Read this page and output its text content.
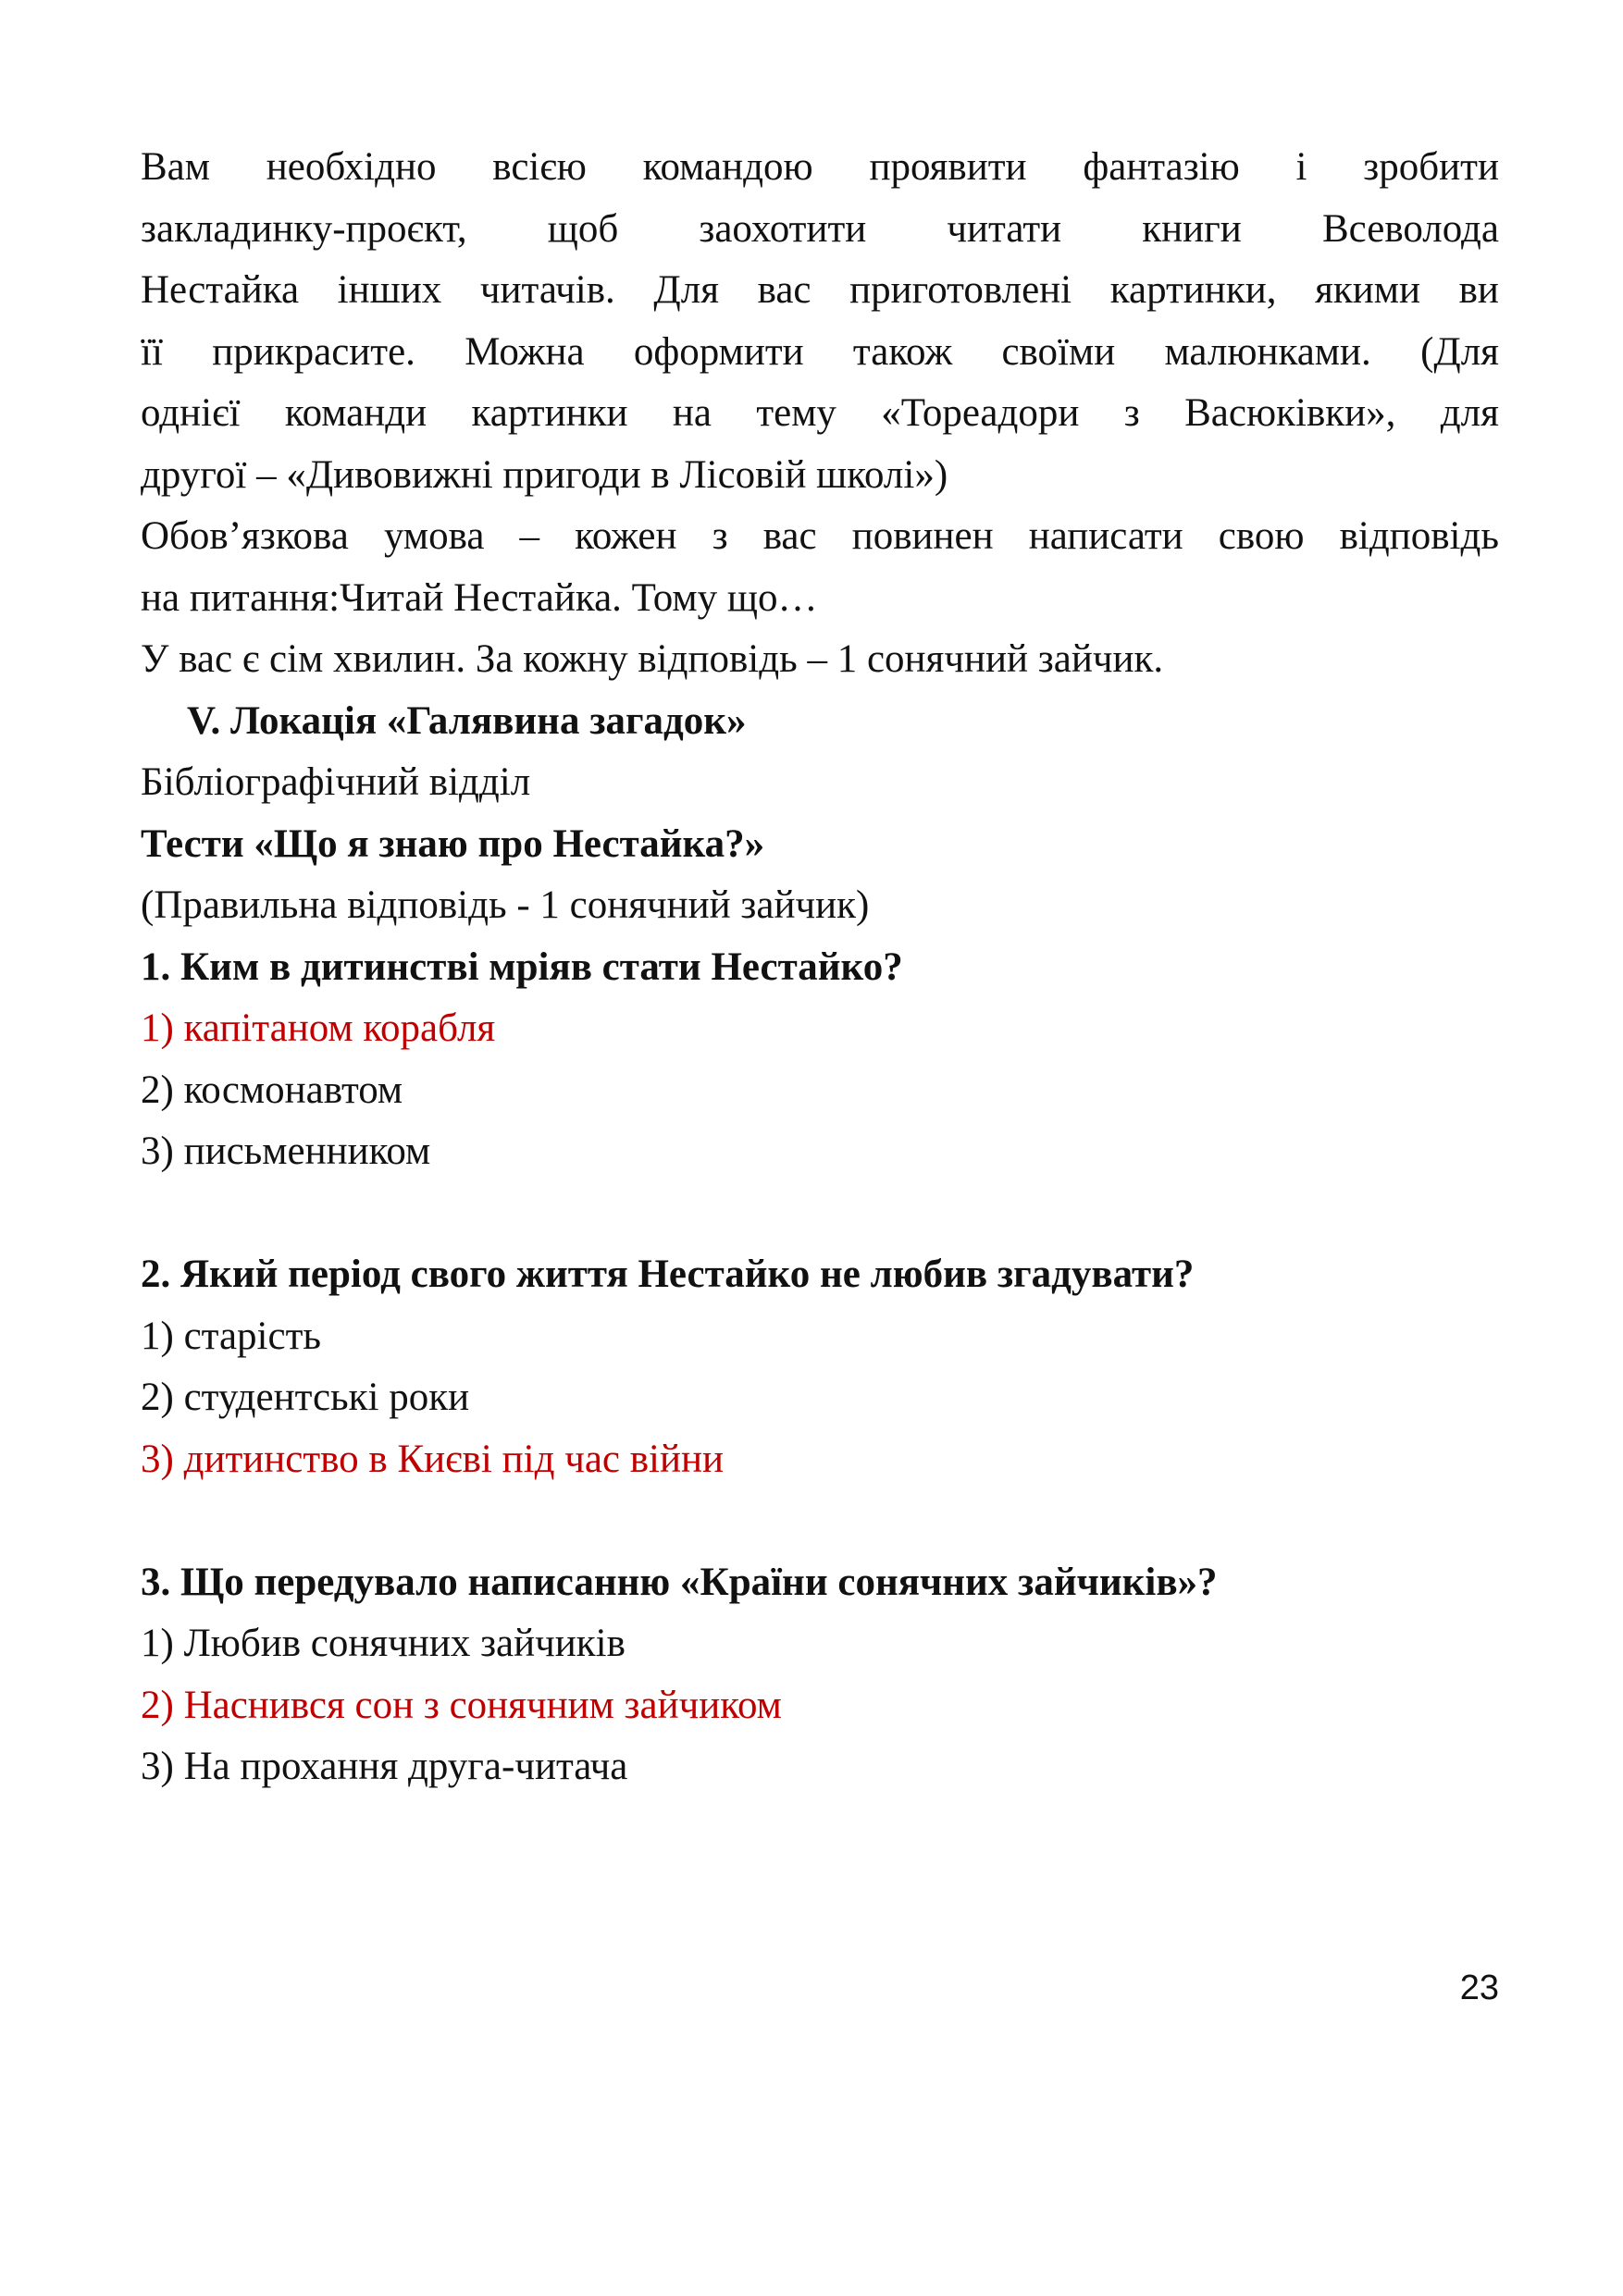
Вам необхідно всією командою проявити фантазію і зробити
закладинку-проєкт, щоб заохотити читати книги Всеволода
Нестайка інших читачів. Для вас приготовлені картинки, якими ви
її прикрасите. Можна оформити також своїми малюнками. (Для
однієї команди картинки на тему «Тореадори з Васюківки», для
другої – «Дивовижні пригоди в Лісовій школі»)
Обов’язкова умова – кожен з вас повинен написати свою відповідь
на питання:Читай Нестайка. Тому що…
У вас є сім хвилин. За кожну відповідь – 1 сонячний зайчик.
V. Локація «Галявина загадок»
Бібліографічний відділ
Тести «Що я знаю про Нестайка?»
(Правильна відповідь - 1 сонячний зайчик)
1. Ким в дитинстві мріяв стати Нестайко?
1) капітаном корабля
2) космонавтом
3) письменником
2. Який період свого життя Нестайко не любив згадувати?
1) старість
2) студентські роки
3) дитинство в Києві під час війни
3. Що передувало написанню «Країни сонячних зайчиків»?
1) Любив сонячних зайчиків
2) Наснився сон з сонячним зайчиком
3) На прохання друга-читача
23
